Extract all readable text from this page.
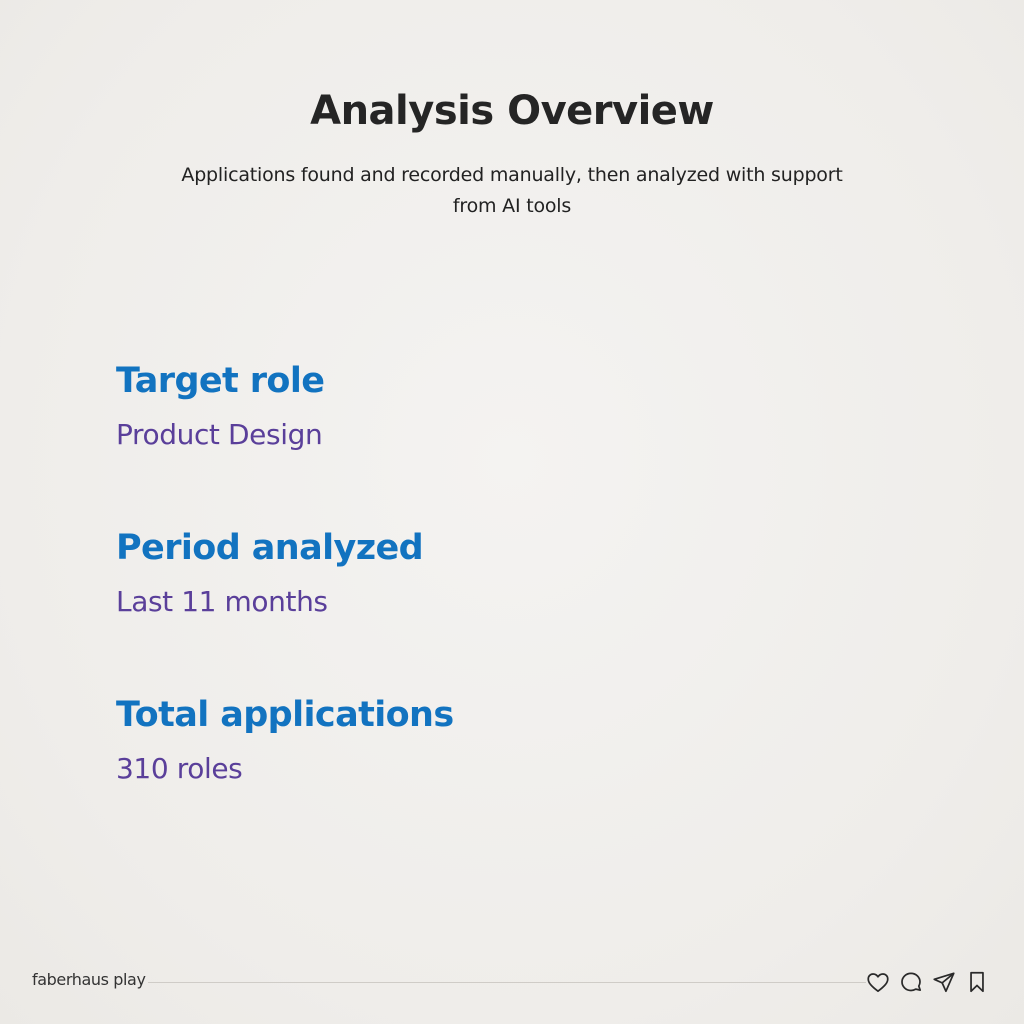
Analysis Overview
Applications found and recorded manually, then analyzed with support from AI tools
Target role
Product Design
Period analyzed
Last 11 months
Total applications
310 roles
faberhaus play
